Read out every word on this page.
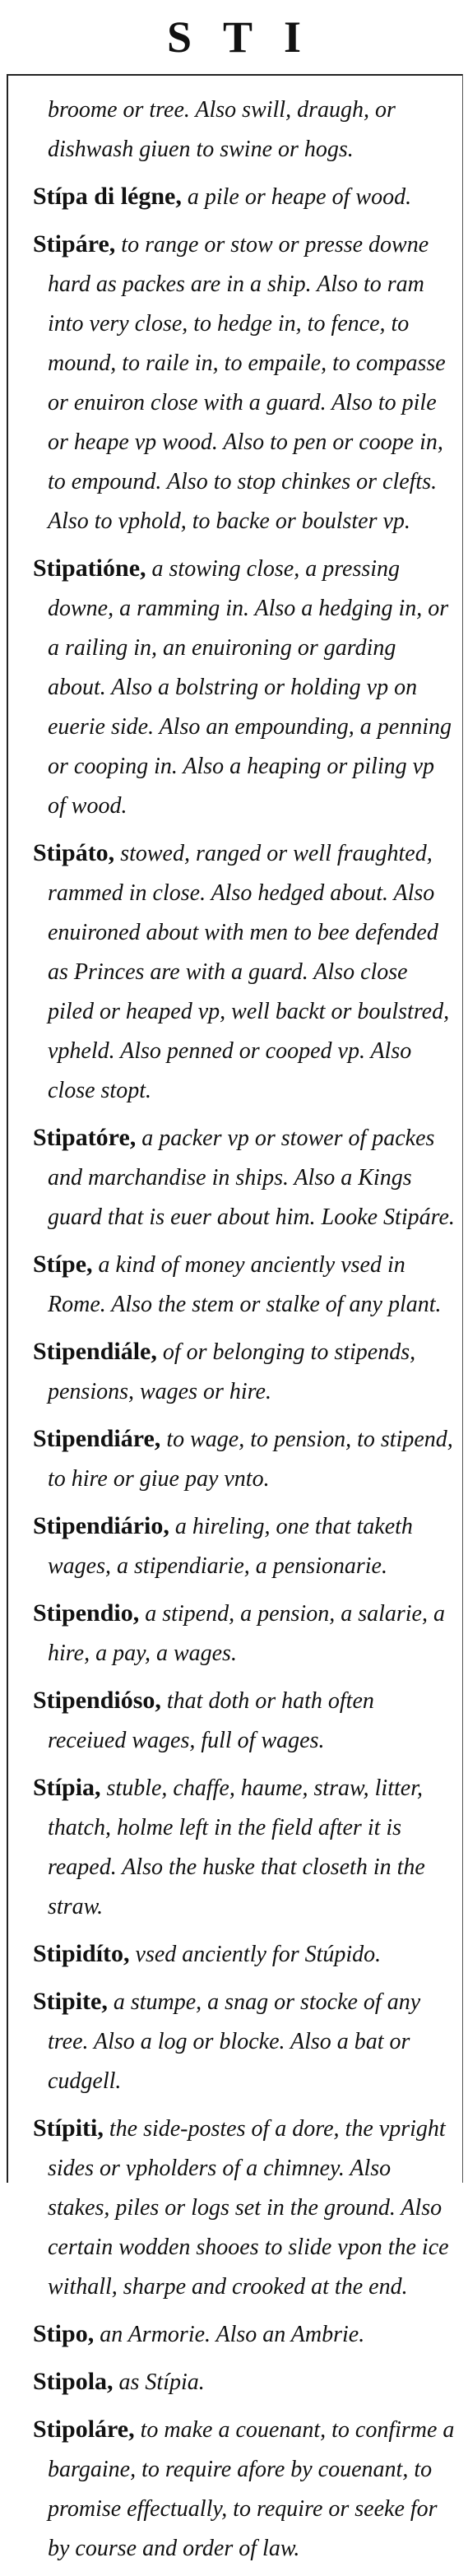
STI

broome or tree. Also swill, draugh, or dishwash giuen to swine or hogs.

Stípa di légne, a pile or heape of wood.

Stipáre, to range or stow or presse downe hard as packes are in a ship. Also to ram into very close, to hedge in, to fence, to mound, to raile in, to empaile, to compasse or enuiron close with a guard. Also to pile or heape vp wood. Also to pen or coope in, to empound. Also to stop chinkes or clefts. Also to vphold, to backe or boulster vp.

Stipatióne, a stowing close, a pressing downe, a ramming in. Also a hedging in, or a railing in, an enuironing or garding about. Also a bolstring or holding vp on euerie side. Also an empounding, a penning or cooping in. Also a heaping or piling vp of wood.

Stipáto, stowed, ranged or well fraughted, rammed in close. Also hedged about. Also enuironed about with men to bee defended as Princes are with a guard. Also close piled or heaped vp, well backt or boulstred, vpheld. Also penned or cooped vp. Also close stopt.

Stipatóre, a packer vp or stower of packes and marchandise in ships. Also a Kings guard that is euer about him. Looke Stipáre.

Stípe, a kind of money anciently vsed in Rome. Also the stem or stalke of any plant.

Stipendiále, of or belonging to stipends, pensions, wages or hire.

Stipendiáre, to wage, to pension, to stipend, to hire or giue pay vnto.

Stipendiário, a hireling, one that taketh wages, a stipendiarie, a pensionarie.

Stipendio, a stipend, a pension, a salarie, a hire, a pay, a wages.

Stipendióso, that doth or hath often receiued wages, full of wages.

Stípia, stuble, chaffe, haume, straw, litter, thatch, holme left in the field after it is reaped. Also the huske that closeth in the straw.

Stipidíto, vsed anciently for Stúpido.

Stipite, a stumpe, a snag or stocke of any tree. Also a log or blocke. Also a bat or cudgell.

Stípiti, the side-postes of a dore, the vpright sides or vpholders of a chimney. Also stakes, piles or logs set in the ground. Also certain wodden shooes to slide vpon the ice withall, sharpe and crooked at the end.

Stipo, an Armorie. Also an Ambrie.

Stipola, as Stípia.

Stipoláre, to make a couenant, to confirme a bargaine, to require afore by couenant, to promise effectually, to require or seeke for by course and order of law.
